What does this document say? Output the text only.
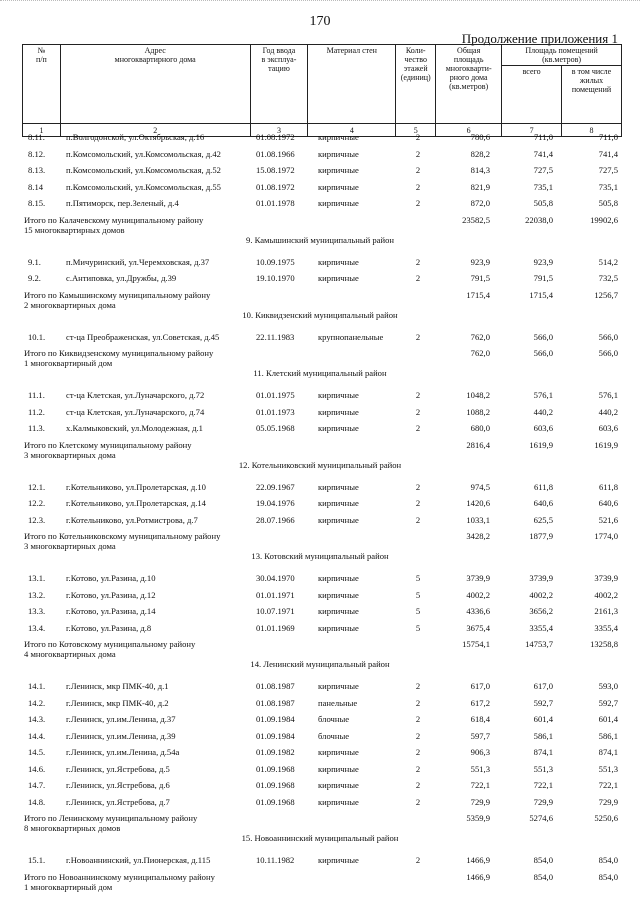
170
Продолжение приложения 1
№
п/п	Адрес
многоквартирного дома	Год ввода
в эксплуа-
тацию	Материал стен	Коли-
чество
этажей
(единиц)	Общая
площадь
многокварти-
рного дома
(кв.метров)	Площадь помещений
(кв.метров)	
						всего	в том числе
жилых
помещений
1	2	3	4	5	6	7	8
8.11. п.Волгодонской, ул.Октябрьская, д.16	01.08.1972	кирпичные	2	780,6	711,0	711,0
8.12. п.Комсомольский, ул.Комсомольская, д.42	01.08.1966	кирпичные	2	828,2	741,4	741,4
8.13. п.Комсомольский, ул.Комсомольская, д.52	15.08.1972	кирпичные	2	814,3	727,5	727,5
8.14	п.Комсомольский, ул.Комсомольская, д.55	01.08.1972	кирпичные	2	821,9	735,1	735,1
8.15. п.Пятиморск, пер.Зеленый, д.4	01.01.1978	кирпичные	2	872,0	505,8	505,8
Итого по Калачевскому муниципальному району
15 многоквартирных домов
23582,5	22038,0	19902,6
9. Камышинский муниципальный район
9.1.	п.Мичуринский, ул.Черемховская, д.37	10.09.1975	кирпичные	2	923,9	923,9	514,2
9.2.	с.Антиповка, ул.Дружбы, д.39	19.10.1970	кирпичные	2	791,5	791,5	732,5
Итого по Камышинскому муниципальному району
2 многоквартирных дома
1715,4	1715,4	1256,7
10. Киквидзенский муниципальный район
10.1. ст-ца Преображенская, ул.Советская, д.45	22.11.1983	крупнопанельные	2	762,0	566,0	566,0
Итого по Киквидзенскому муниципальному району
1 многоквартирный дом
762,0	566,0	566,0
11. Клетский муниципальный район
11.1. ст-ца Клетская, ул.Луначарского, д.72	01.01.1975	кирпичные	2	1048,2	576,1	576,1
11.2. ст-ца Клетская, ул.Луначарского, д.74	01.01.1973	кирпичные	2	1088,2	440,2	440,2
11.3. х.Калмыковский, ул.Молодежная, д.1	05.05.1968	кирпичные	2	680,0	603,6	603,6
Итого по Клетскому муниципальному району
3 многоквартирных дома
2816,4	1619,9	1619,9
12. Котельниковский муниципальный район
12.1. г.Котельниково, ул.Пролетарская, д.10	22.09.1967	кирпичные	2	974,5	611,8	611,8
12.2. г.Котельниково, ул.Пролетарская, д.14	19.04.1976	кирпичные	2	1420,6	640,6	640,6
12.3. г.Котельниково, ул.Ротмистрова, д.7	28.07.1966	кирпичные	2	1033,1	625,5	521,6
Итого по Котельниковскому муниципальному району
3 многоквартирных дома
3428,2	1877,9	1774,0
13. Котовский муниципальный район
13.1. г.Котово, ул.Разина, д.10	30.04.1970	кирпичные	5	3739,9	3739,9	3739,9
13.2. г.Котово, ул.Разина, д.12	01.01.1971	кирпичные	5	4002,2	4002,2	4002,2
13.3. г.Котово, ул.Разина, д.14	10.07.1971	кирпичные	5	4336,6	3656,2	2161,3
13.4. г.Котово, ул.Разина, д.8	01.01.1969	кирпичные	5	3675,4	3355,4	3355,4
Итого по Котовскому муниципальному району
4 многоквартирных дома
15754,1	14753,7	13258,8
14. Ленинский муниципальный район
14.1. г.Ленинск, мкр ПМК-40, д.1	01.08.1987	кирпичные	2	617,0	617,0	593,0
14.2. г.Ленинск, мкр ПМК-40, д.2	01.08.1987	панельные	2	617,2	592,7	592,7
14.3. г.Ленинск, ул.им.Ленина, д.37	01.09.1984	блочные	2	618,4	601,4	601,4
14.4. г.Ленинск, ул.им.Ленина, д.39	01.09.1984	блочные	2	597,7	586,1	586,1
14.5. г.Ленинск, ул.им.Ленина, д.54а	01.09.1982	кирпичные	2	906,3	874,1	874,1
14.6. г.Ленинск, ул.Ястребова, д.5	01.09.1968	кирпичные	2	551,3	551,3	551,3
14.7. г.Ленинск, ул.Ястребова, д.6	01.09.1968	кирпичные	2	722,1	722,1	722,1
14.8. г.Ленинск, ул.Ястребова, д.7	01.09.1968	кирпичные	2	729,9	729,9	729,9
Итого по Ленинскому муниципальному району
8 многоквартирных домов
5359,9	5274,6	5250,6
15. Новоаннинский муниципальный район
15.1. г.Новоаннинский, ул.Пионерская, д.115	10.11.1982	кирпичные	2	1466,9	854,0	854,0
Итого по Новоаннинскому муниципальному району
1 многоквартирный дом
1466,9	854,0	854,0
